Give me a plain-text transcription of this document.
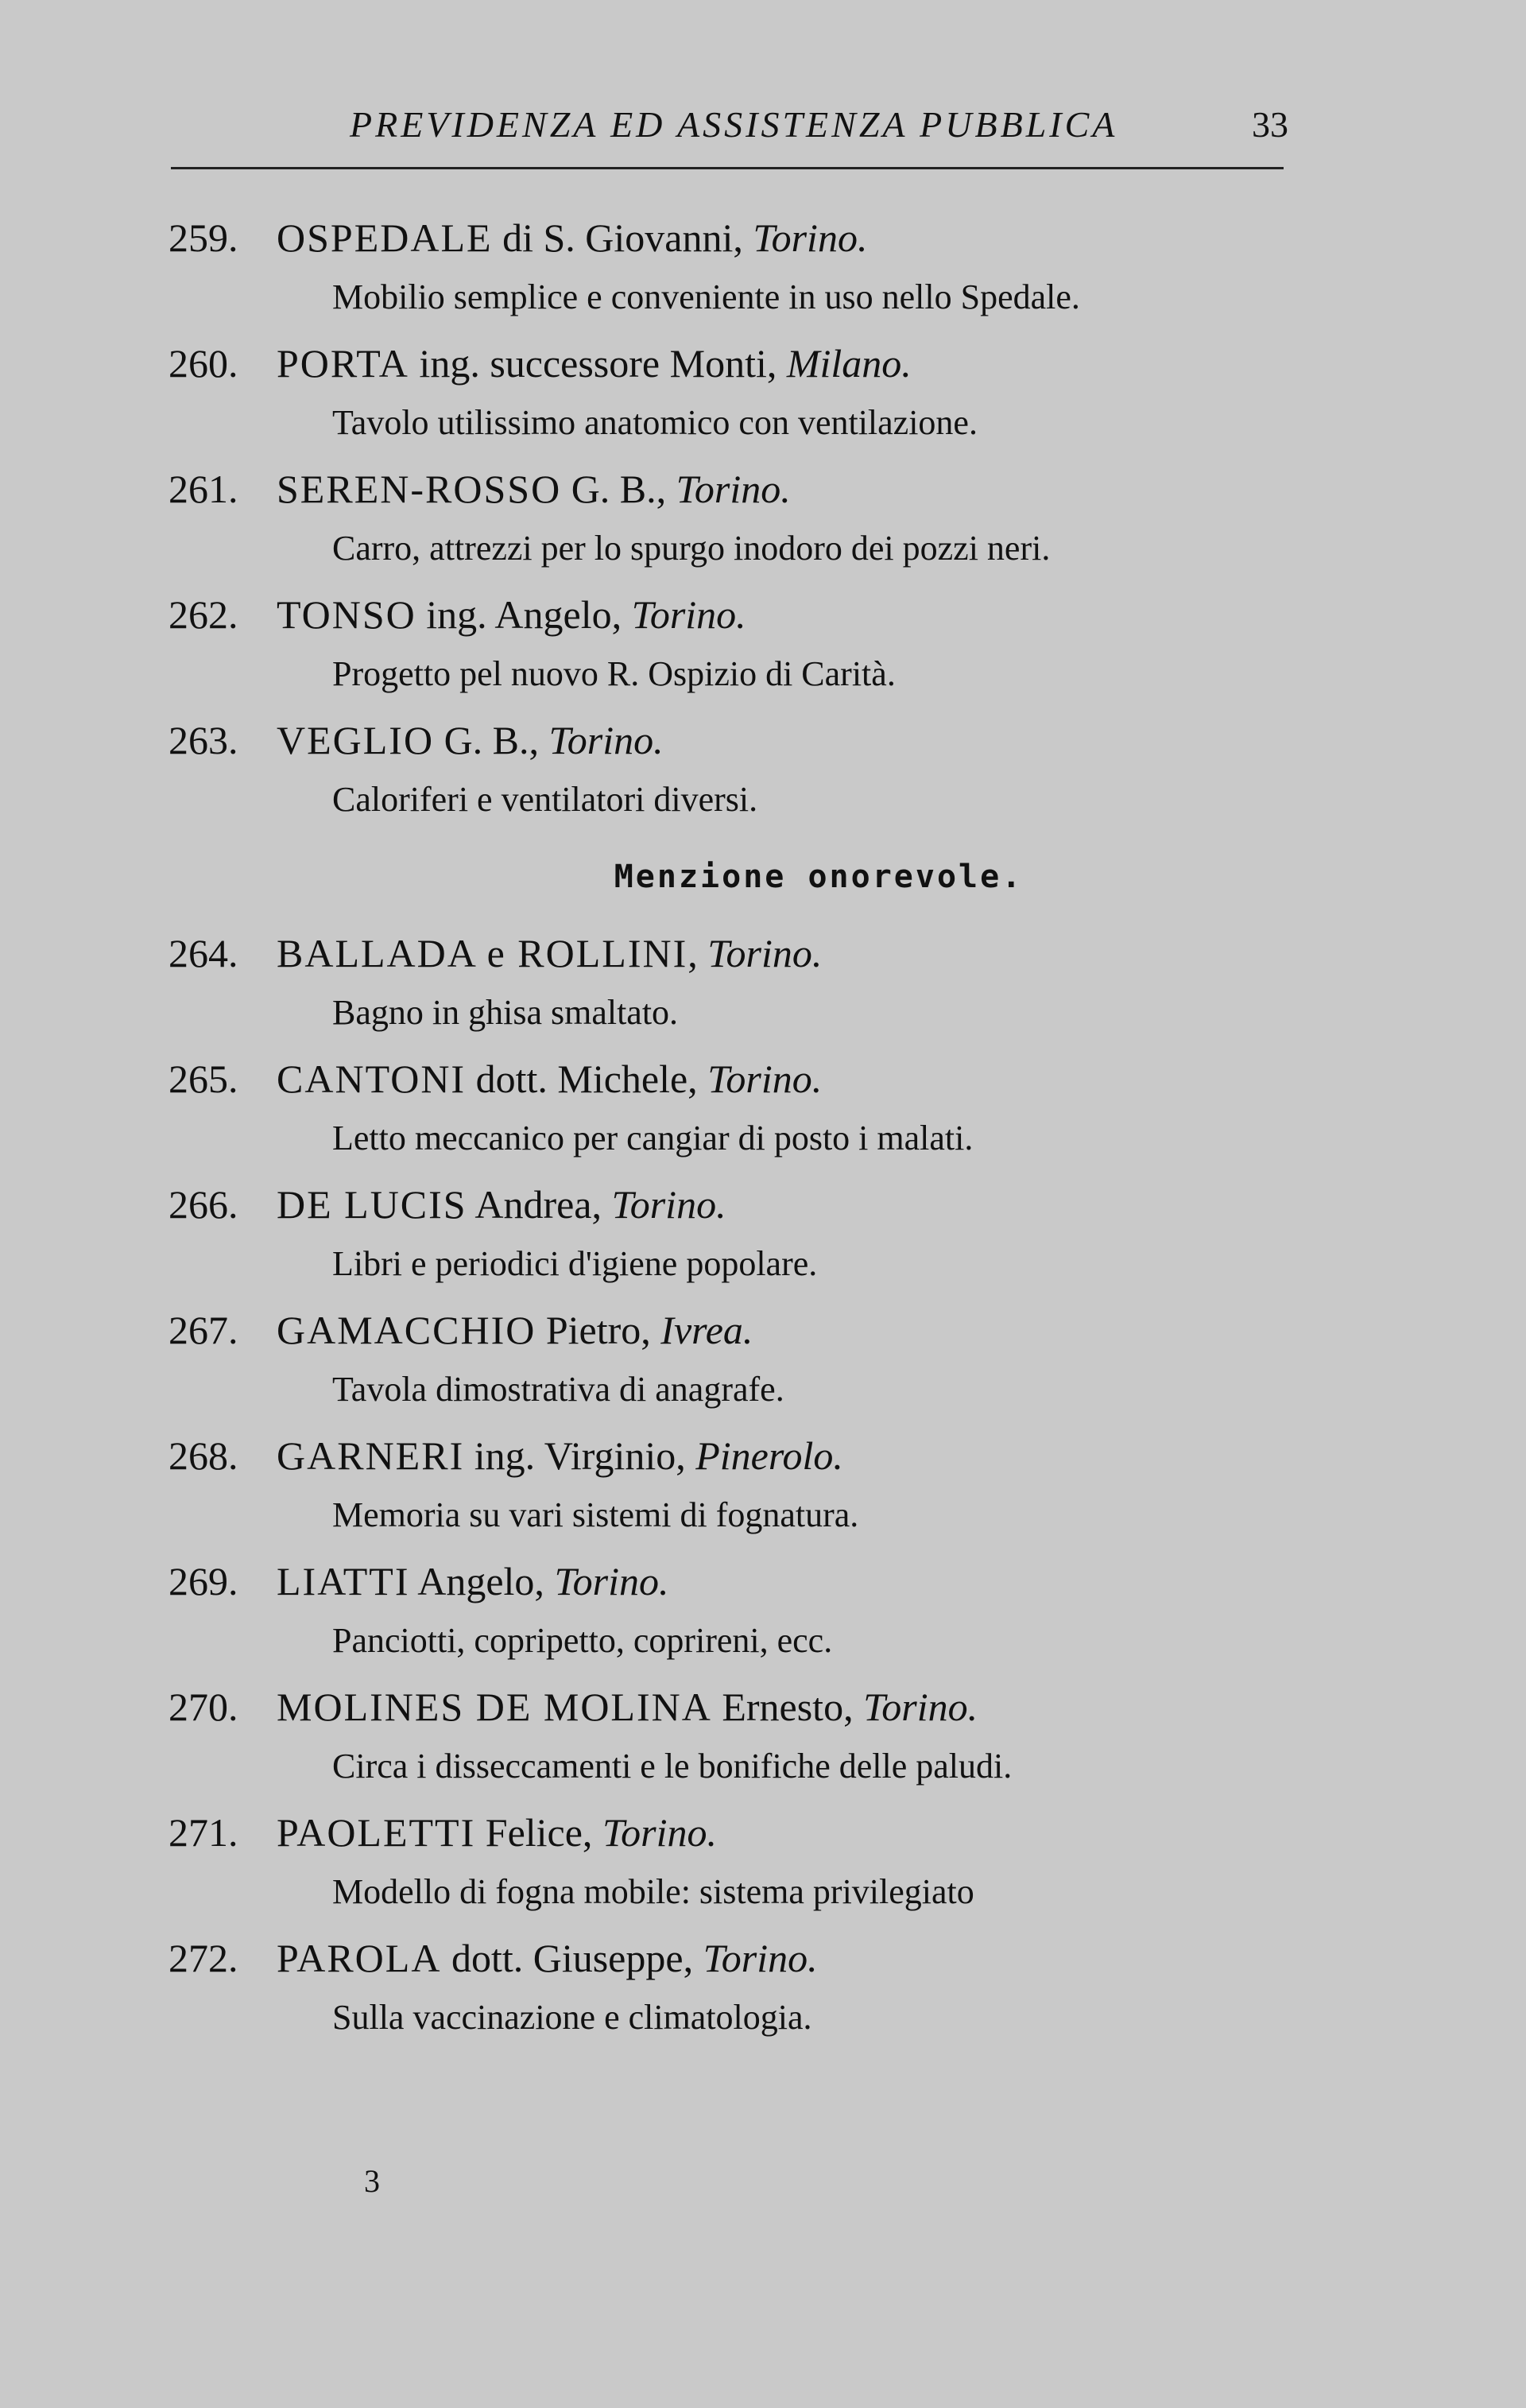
PREVIDENZA ED ASSISTENZA PUBBLICA	33
259. OSPEDALE di S. Giovanni, Torino.
Mobilio semplice e conveniente in uso nello Spedale.
260. PORTA ing. successore Monti, Milano.
Tavolo utilissimo anatomico con ventilazione.
261. SEREN-ROSSO G. B., Torino.
Carro, attrezzi per lo spurgo inodoro dei pozzi neri.
262. TONSO ing. Angelo, Torino.
Progetto pel nuovo R. Ospizio di Carità.
263. VEGLIO G. B., Torino.
Caloriferi e ventilatori diversi.
Menzione onorevole.
264. BALLADA e ROLLINI, Torino.
Bagno in ghisa smaltato.
265. CANTONI dott. Michele, Torino.
Letto meccanico per cangiar di posto i malati.
266. DE LUCIS Andrea, Torino.
Libri e periodici d'igiene popolare.
267. GAMACCHIO Pietro, Ivrea.
Tavola dimostrativa di anagrafe.
268. GARNERI ing. Virginio, Pinerolo.
Memoria su vari sistemi di fognatura.
269. LIATTI Angelo, Torino.
Panciotti, copripetto, coprireni, ecc.
270. MOLINES DE MOLINA Ernesto, Torino.
Circa i disseccamenti e le bonifiche delle paludi.
271. PAOLETTI Felice, Torino.
Modello di fogna mobile: sistema privilegiato
272. PAROLA dott. Giuseppe, Torino.
Sulla vaccinazione e climatologia.
3
